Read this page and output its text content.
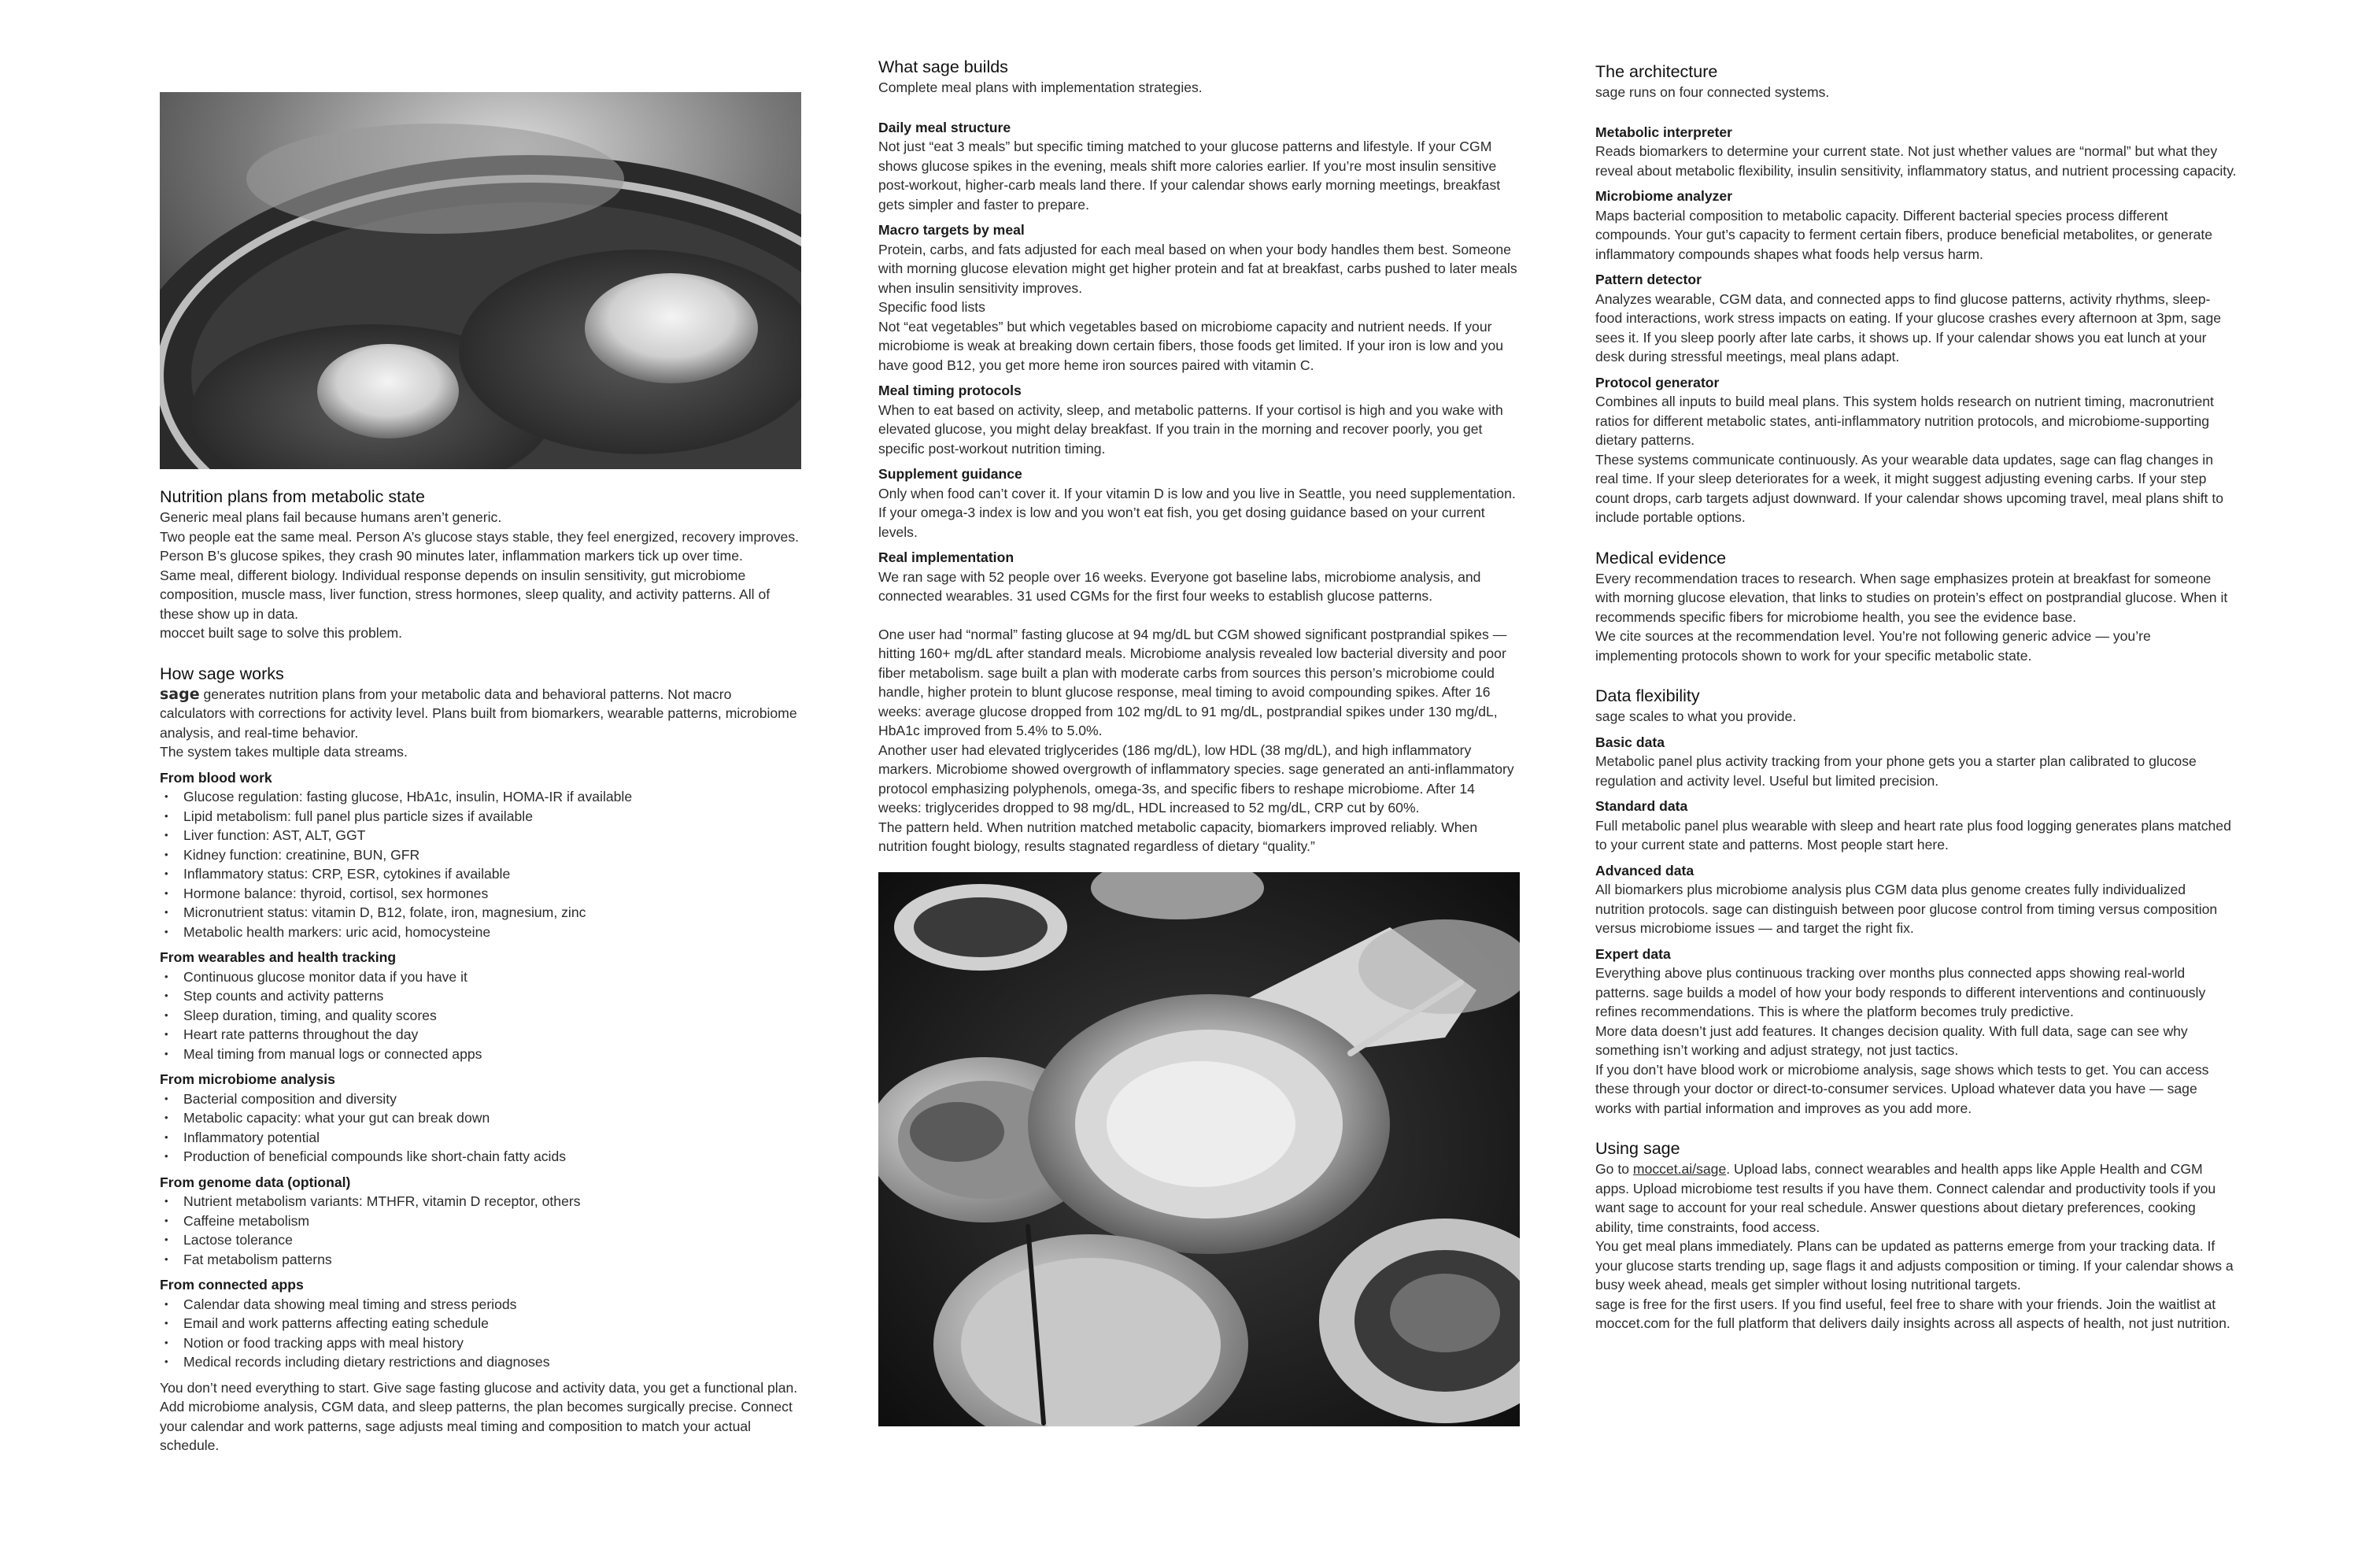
Nutrition plans from metabolic state

Generic meal plans fail because humans aren’t generic.

Two people eat the same meal. Person A’s glucose stays stable, they feel energized, recovery improves. Person B’s glucose spikes, they crash 90 minutes later, inflammation markers tick up over time.

Same meal, different biology. Individual response depends on insulin sensitivity, gut microbiome composition, muscle mass, liver function, stress hormones, sleep quality, and activity patterns. All of these show up in data.

moccet built sage to solve this problem.

How sage works

sage generates nutrition plans from your metabolic data and behavioral patterns. Not macro calculators with corrections for activity level. Plans built from biomarkers, wearable patterns, microbiome analysis, and real-time behavior.

The system takes multiple data streams.

From blood work
• Glucose regulation: fasting glucose, HbA1c, insulin, HOMA-IR if available
• Lipid metabolism: full panel plus particle sizes if available
• Liver function: AST, ALT, GGT
• Kidney function: creatinine, BUN, GFR
• Inflammatory status: CRP, ESR, cytokines if available
• Hormone balance: thyroid, cortisol, sex hormones
• Micronutrient status: vitamin D, B12, folate, iron, magnesium, zinc
• Metabolic health markers: uric acid, homocysteine
From wearables and health tracking
• Continuous glucose monitor data if you have it
• Step counts and activity patterns
• Sleep duration, timing, and quality scores
• Heart rate patterns throughout the day
• Meal timing from manual logs or connected apps
From microbiome analysis
• Bacterial composition and diversity
• Metabolic capacity: what your gut can break down
• Inflammatory potential
• Production of beneficial compounds like short-chain fatty acids
From genome data (optional)
• Nutrient metabolism variants: MTHFR, vitamin D receptor, others
• Caffeine metabolism
• Lactose tolerance
• Fat metabolism patterns
From connected apps
• Calendar data showing meal timing and stress periods
• Email and work patterns affecting eating schedule
• Notion or food tracking apps with meal history
• Medical records including dietary restrictions and diagnoses

You don’t need everything to start. Give sage fasting glucose and activity data, you get a functional plan. Add microbiome analysis, CGM data, and sleep patterns, the plan becomes surgically precise. Connect your calendar and work patterns, sage adjusts meal timing and composition to match your actual schedule.

What sage builds

Complete meal plans with implementation strategies.

Daily meal structure

Not just “eat 3 meals” but specific timing matched to your glucose patterns and lifestyle. If your CGM shows glucose spikes in the evening, meals shift more calories earlier. If you’re most insulin sensitive post-workout, higher-carb meals land there. If your calendar shows early morning meetings, breakfast gets simpler and faster to prepare.

Macro targets by meal

Protein, carbs, and fats adjusted for each meal based on when your body handles them best. Someone with morning glucose elevation might get higher protein and fat at breakfast, carbs pushed to later meals when insulin sensitivity improves.

Specific food lists

Not “eat vegetables” but which vegetables based on microbiome capacity and nutrient needs. If your microbiome is weak at breaking down certain fibers, those foods get limited. If your iron is low and you have good B12, you get more heme iron sources paired with vitamin C.

Meal timing protocols

When to eat based on activity, sleep, and metabolic patterns. If your cortisol is high and you wake with elevated glucose, you might delay breakfast. If you train in the morning and recover poorly, you get specific post-workout nutrition timing.

Supplement guidance

Only when food can’t cover it. If your vitamin D is low and you live in Seattle, you need supplementation. If your omega-3 index is low and you won’t eat fish, you get dosing guidance based on your current levels.

Real implementation

We ran sage with 52 people over 16 weeks. Everyone got baseline labs, microbiome analysis, and connected wearables. 31 used CGMs for the first four weeks to establish glucose patterns.

One user had “normal” fasting glucose at 94 mg/dL but CGM showed significant postprandial spikes — hitting 160+ mg/dL after standard meals. Microbiome analysis revealed low bacterial diversity and poor fiber metabolism. sage built a plan with moderate carbs from sources this person’s microbiome could handle, higher protein to blunt glucose response, meal timing to avoid compounding spikes. After 16 weeks: average glucose dropped from 102 mg/dL to 91 mg/dL, postprandial spikes under 130 mg/dL, HbA1c improved from 5.4% to 5.0%.

Another user had elevated triglycerides (186 mg/dL), low HDL (38 mg/dL), and high inflammatory markers. Microbiome showed overgrowth of inflammatory species. sage generated an anti-inflammatory protocol emphasizing polyphenols, omega-3s, and specific fibers to reshape microbiome. After 14 weeks: triglycerides dropped to 98 mg/dL, HDL increased to 52 mg/dL, CRP cut by 60%.

The pattern held. When nutrition matched metabolic capacity, biomarkers improved reliably. When nutrition fought biology, results stagnated regardless of dietary “quality.”

The architecture

sage runs on four connected systems.

Metabolic interpreter

Reads biomarkers to determine your current state. Not just whether values are “normal” but what they reveal about metabolic flexibility, insulin sensitivity, inflammatory status, and nutrient processing capacity.

Microbiome analyzer

Maps bacterial composition to metabolic capacity. Different bacterial species process different compounds. Your gut’s capacity to ferment certain fibers, produce beneficial metabolites, or generate inflammatory compounds shapes what foods help versus harm.

Pattern detector

Analyzes wearable, CGM data, and connected apps to find glucose patterns, activity rhythms, sleep-food interactions, work stress impacts on eating. If your glucose crashes every afternoon at 3pm, sage sees it. If you sleep poorly after late carbs, it shows up. If your calendar shows you eat lunch at your desk during stressful meetings, meal plans adapt.

Protocol generator

Combines all inputs to build meal plans. This system holds research on nutrient timing, macronutrient ratios for different metabolic states, anti-inflammatory nutrition protocols, and microbiome-supporting dietary patterns.

These systems communicate continuously. As your wearable data updates, sage can flag changes in real time. If your sleep deteriorates for a week, it might suggest adjusting evening carbs. If your step count drops, carb targets adjust downward. If your calendar shows upcoming travel, meal plans shift to include portable options.

Medical evidence

Every recommendation traces to research. When sage emphasizes protein at breakfast for someone with morning glucose elevation, that links to studies on protein’s effect on postprandial glucose. When it recommends specific fibers for microbiome health, you see the evidence base.

We cite sources at the recommendation level. You’re not following generic advice — you’re implementing protocols shown to work for your specific metabolic state.

Data flexibility

sage scales to what you provide.

Basic data

Metabolic panel plus activity tracking from your phone gets you a starter plan calibrated to glucose regulation and activity level. Useful but limited precision.

Standard data

Full metabolic panel plus wearable with sleep and heart rate plus food logging generates plans matched to your current state and patterns. Most people start here.

Advanced data

All biomarkers plus microbiome analysis plus CGM data plus genome creates fully individualized nutrition protocols. sage can distinguish between poor glucose control from timing versus composition versus microbiome issues — and target the right fix.

Expert data

Everything above plus continuous tracking over months plus connected apps showing real-world patterns. sage builds a model of how your body responds to different interventions and continuously refines recommendations. This is where the platform becomes truly predictive.

More data doesn’t just add features. It changes decision quality. With full data, sage can see why something isn’t working and adjust strategy, not just tactics.

If you don’t have blood work or microbiome analysis, sage shows which tests to get. You can access these through your doctor or direct-to-consumer services. Upload whatever data you have — sage works with partial information and improves as you add more.

Using sage

Go to moccet.ai/sage. Upload labs, connect wearables and health apps like Apple Health and CGM apps. Upload microbiome test results if you have them. Connect calendar and productivity tools if you want sage to account for your real schedule. Answer questions about dietary preferences, cooking ability, time constraints, food access.

You get meal plans immediately. Plans can be updated as patterns emerge from your tracking data. If your glucose starts trending up, sage flags it and adjusts composition or timing. If your calendar shows a busy week ahead, meals get simpler without losing nutritional targets.

sage is free for the first users. If you find useful, feel free to share with your friends. Join the waitlist at moccet.com for the full platform that delivers daily insights across all aspects of health, not just nutrition.
